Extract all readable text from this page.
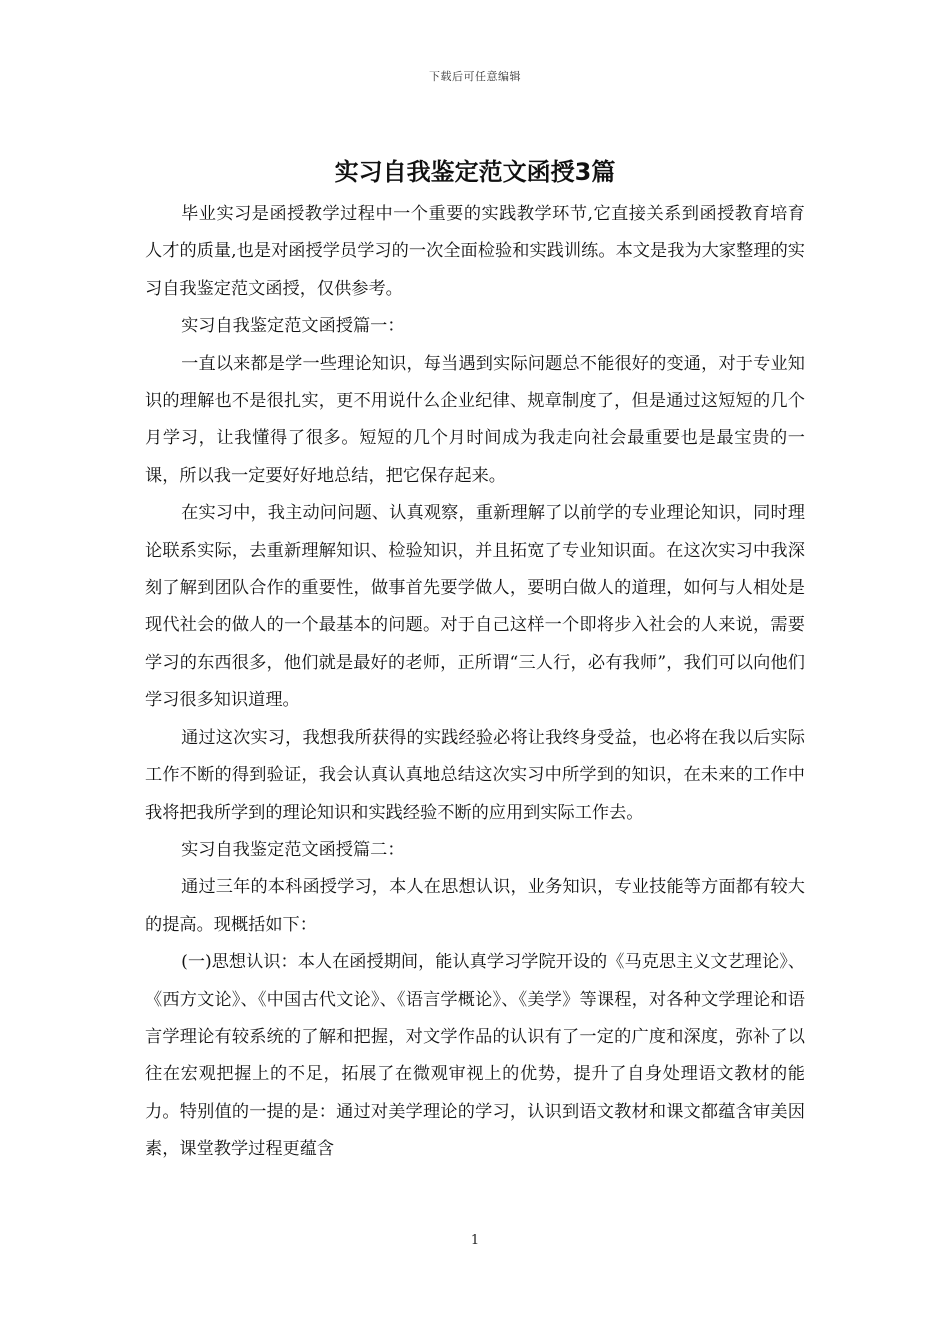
下载后可任意编辑
实习自我鉴定范文函授3篇

毕业实习是函授教学过程中一个重要的实践教学环节,它直接关系到函授教育培育人才的质量,也是对函授学员学习的一次全面检验和实践训练。本文是我为大家整理的实习自我鉴定范文函授，仅供参考。

实习自我鉴定范文函授篇一：

一直以来都是学一些理论知识，每当遇到实际问题总不能很好的变通，对于专业知识的理解也不是很扎实，更不用说什么企业纪律、规章制度了，但是通过这短短的几个月学习，让我懂得了很多。短短的几个月时间成为我走向社会最重要也是最宝贵的一课，所以我一定要好好地总结，把它保存起来。

在实习中，我主动问问题、认真观察，重新理解了以前学的专业理论知识，同时理论联系实际，去重新理解知识、检验知识，并且拓宽了专业知识面。在这次实习中我深刻了解到团队合作的重要性，做事首先要学做人，要明白做人的道理，如何与人相处是现代社会的做人的一个最基本的问题。对于自己这样一个即将步入社会的人来说，需要学习的东西很多，他们就是最好的老师，正所谓“三人行，必有我师”，我们可以向他们学习很多知识道理。

通过这次实习，我想我所获得的实践经验必将让我终身受益，也必将在我以后实际工作不断的得到验证，我会认真认真地总结这次实习中所学到的知识，在未来的工作中我将把我所学到的理论知识和实践经验不断的应用到实际工作去。

实习自我鉴定范文函授篇二：

通过三年的本科函授学习，本人在思想认识，业务知识，专业技能等方面都有较大的提高。现概括如下：

(一)思想认识：本人在函授期间，能认真学习学院开设的《马克思主义文艺理论》、《西方文论》、《中国古代文论》、《语言学概论》、《美学》等课程，对各种文学理论和语言学理论有较系统的了解和把握，对文学作品的认识有了一定的广度和深度，弥补了以往在宏观把握上的不足，拓展了在微观审视上的优势，提升了自身处理语文教材的能力。特别值的一提的是：通过对美学理论的学习，认识到语文教材和课文都蕴含审美因素，课堂教学过程更蕴含

1
